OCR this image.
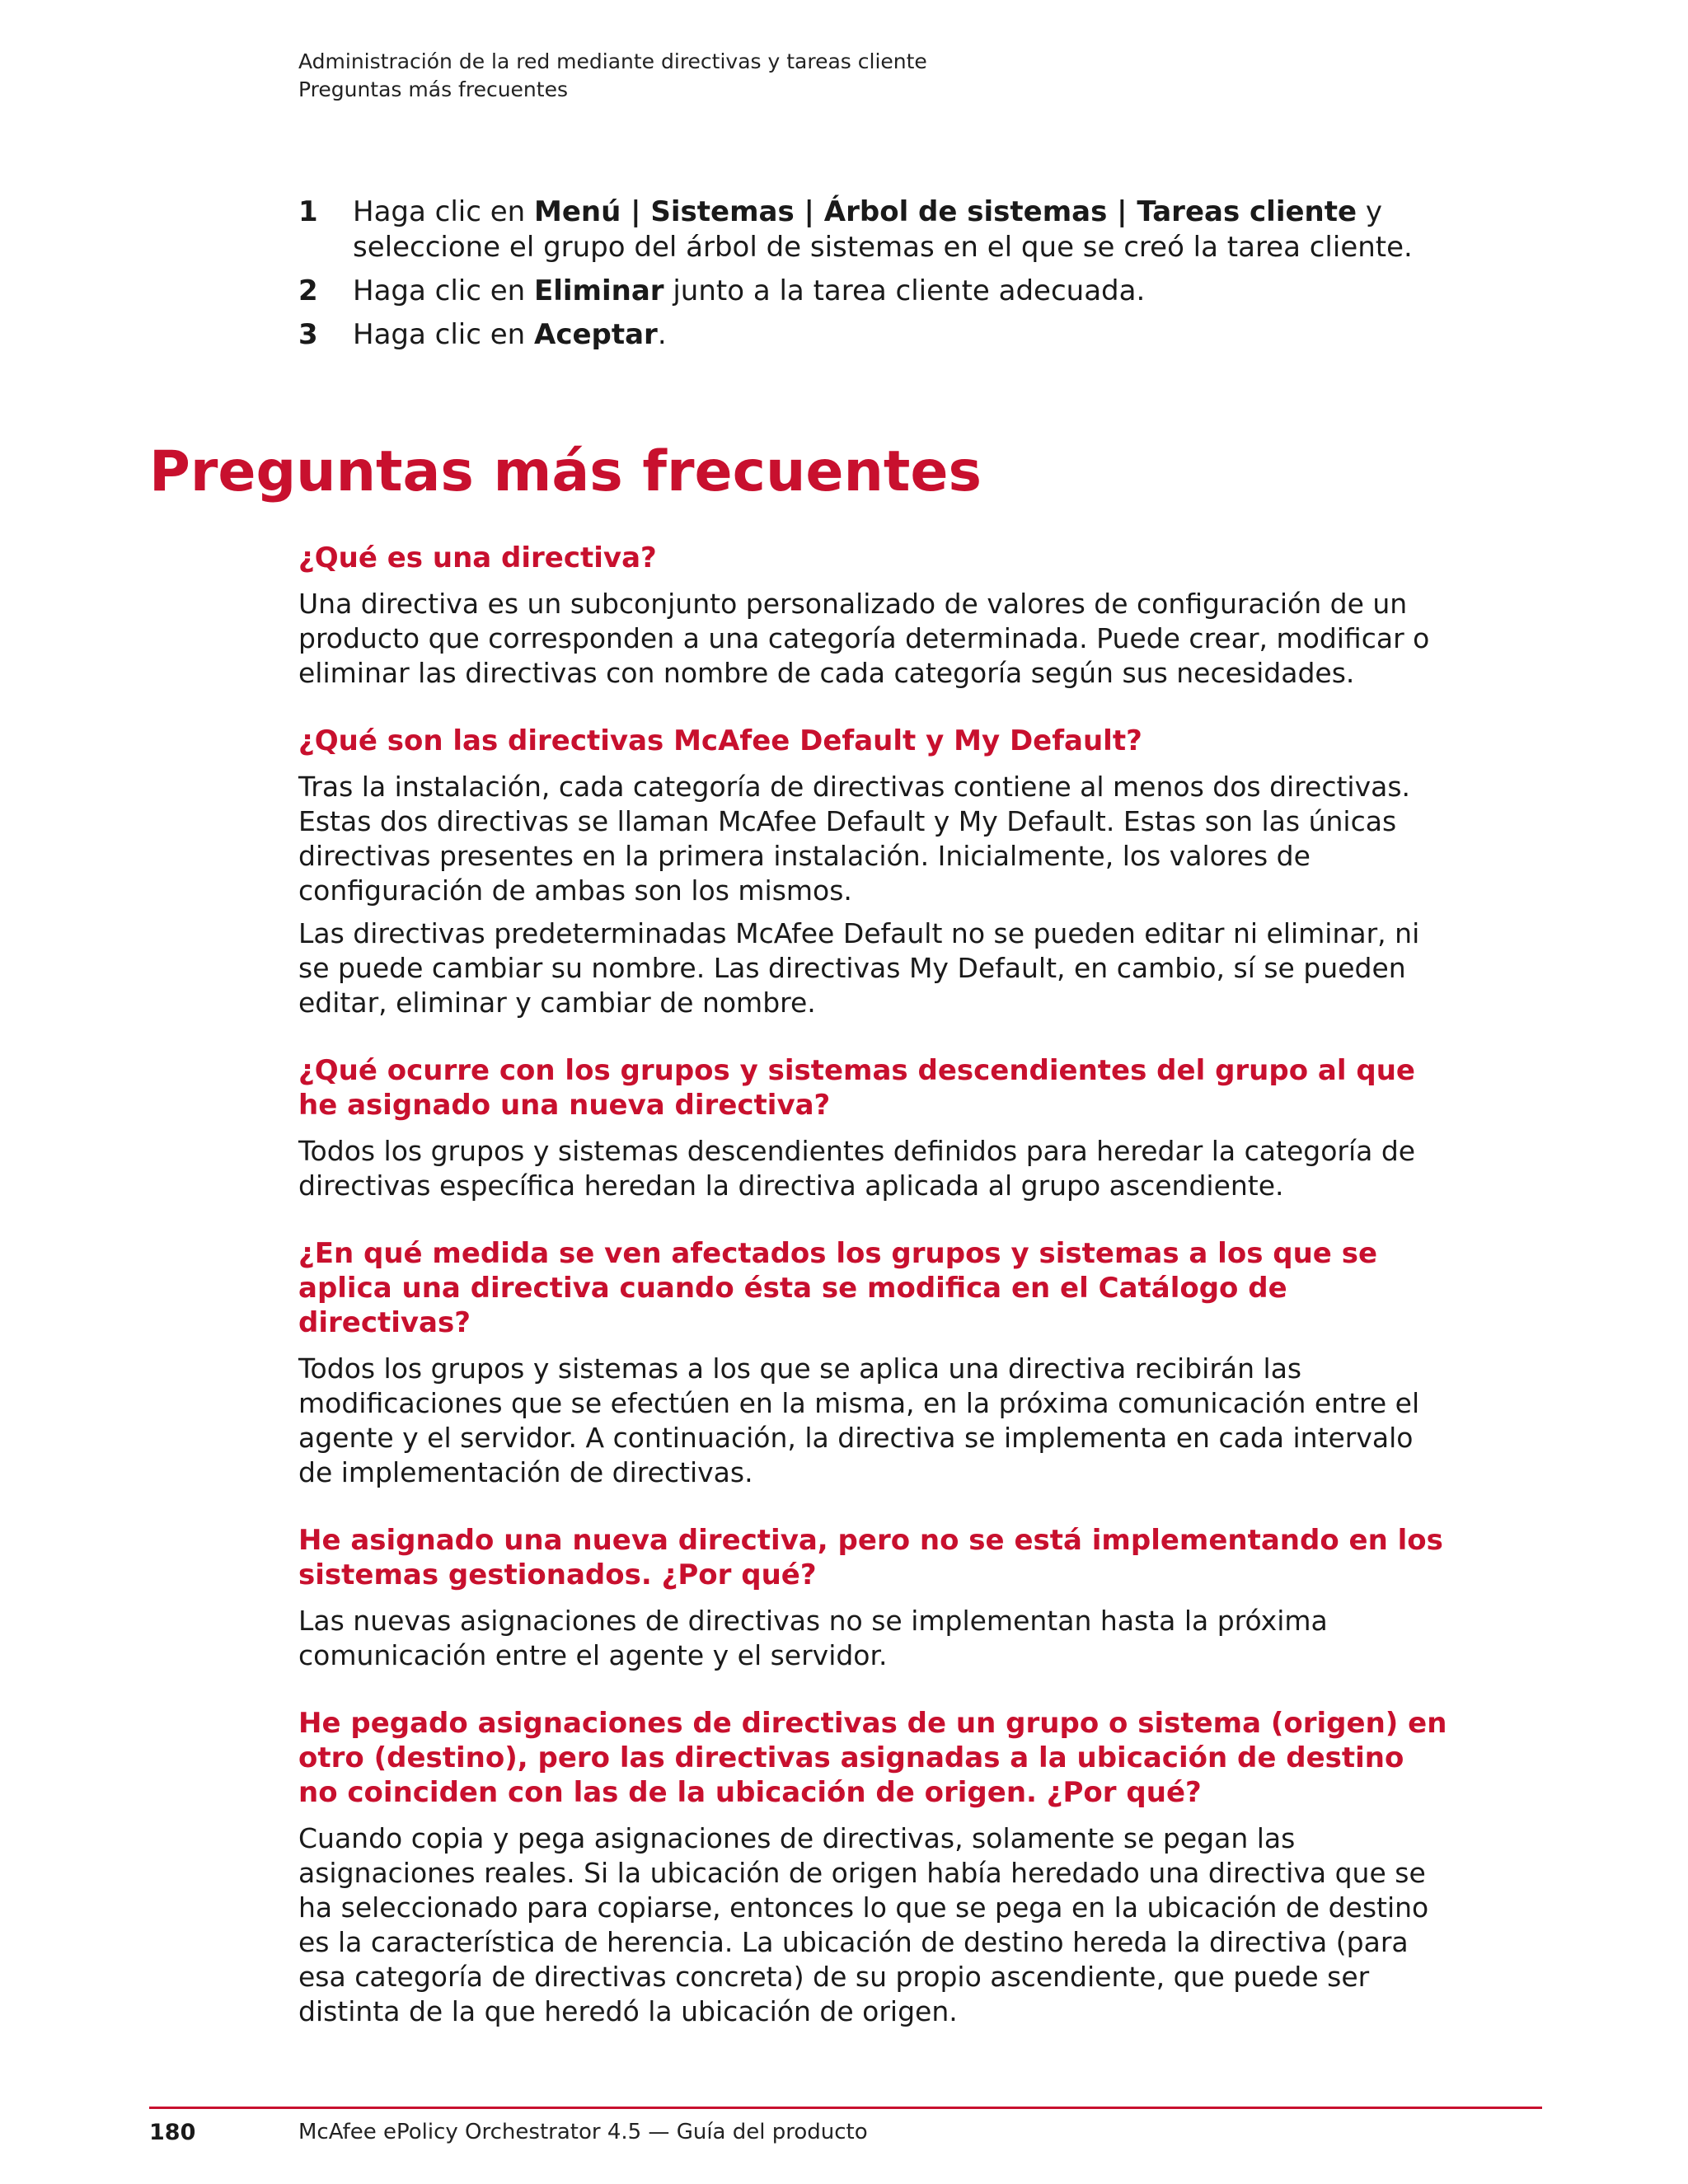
Administración de la red mediante directivas y tareas cliente
Preguntas más frecuentes
1 Haga clic en Menú | Sistemas | Árbol de sistemas | Tareas cliente y seleccione el grupo del árbol de sistemas en el que se creó la tarea cliente.
2 Haga clic en Eliminar junto a la tarea cliente adecuada.
3 Haga clic en Aceptar.
Preguntas más frecuentes
¿Qué es una directiva?

Una directiva es un subconjunto personalizado de valores de configuración de un producto que corresponden a una categoría determinada. Puede crear, modificar o eliminar las directivas con nombre de cada categoría según sus necesidades.

¿Qué son las directivas McAfee Default y My Default?

Tras la instalación, cada categoría de directivas contiene al menos dos directivas. Estas dos directivas se llaman McAfee Default y My Default. Estas son las únicas directivas presentes en la primera instalación. Inicialmente, los valores de configuración de ambas son los mismos.

Las directivas predeterminadas McAfee Default no se pueden editar ni eliminar, ni se puede cambiar su nombre. Las directivas My Default, en cambio, sí se pueden editar, eliminar y cambiar de nombre.

¿Qué ocurre con los grupos y sistemas descendientes del grupo al que he asignado una nueva directiva?

Todos los grupos y sistemas descendientes definidos para heredar la categoría de directivas específica heredan la directiva aplicada al grupo ascendiente.

¿En qué medida se ven afectados los grupos y sistemas a los que se aplica una directiva cuando ésta se modifica en el Catálogo de directivas?

Todos los grupos y sistemas a los que se aplica una directiva recibirán las modificaciones que se efectúen en la misma, en la próxima comunicación entre el agente y el servidor. A continuación, la directiva se implementa en cada intervalo de implementación de directivas.

He asignado una nueva directiva, pero no se está implementando en los sistemas gestionados. ¿Por qué?

Las nuevas asignaciones de directivas no se implementan hasta la próxima comunicación entre el agente y el servidor.

He pegado asignaciones de directivas de un grupo o sistema (origen) en otro (destino), pero las directivas asignadas a la ubicación de destino no coinciden con las de la ubicación de origen. ¿Por qué?

Cuando copia y pega asignaciones de directivas, solamente se pegan las asignaciones reales. Si la ubicación de origen había heredado una directiva que se ha seleccionado para copiarse, entonces lo que se pega en la ubicación de destino es la característica de herencia. La ubicación de destino hereda la directiva (para esa categoría de directivas concreta) de su propio ascendiente, que puede ser distinta de la que heredó la ubicación de origen.

180	McAfee ePolicy Orchestrator 4.5 — Guía del producto
